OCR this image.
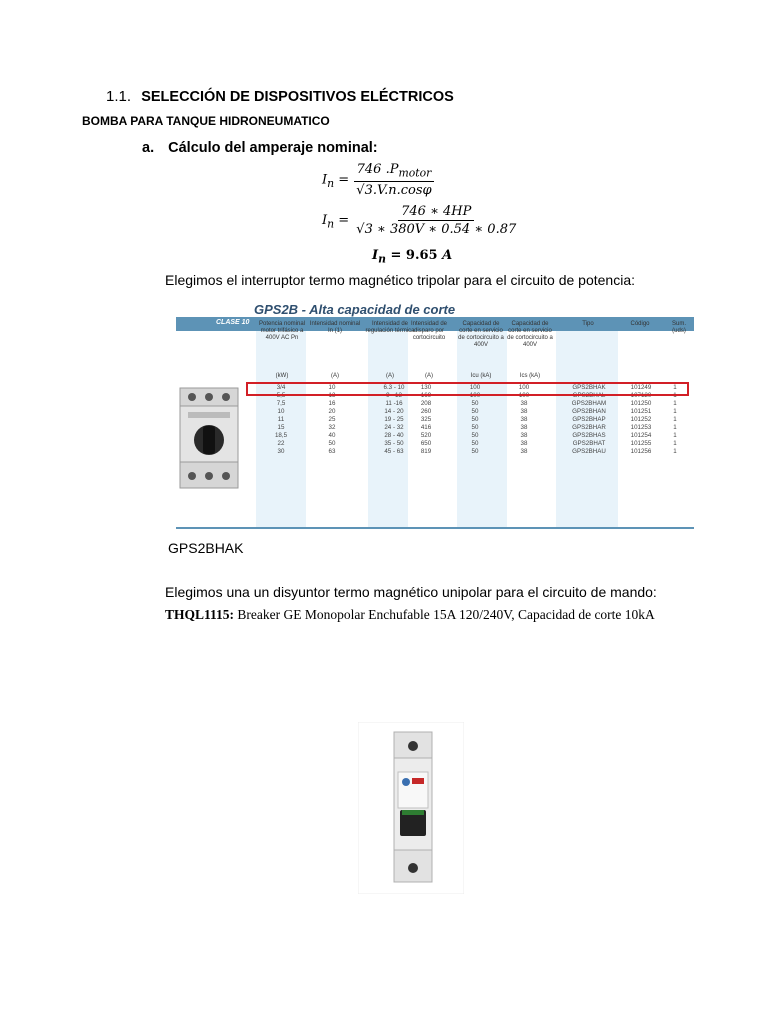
1.1. SELECCIÓN DE DISPOSITIVOS ELÉCTRICOS
BOMBA PARA TANQUE HIDRONEUMATICO
a. Cálculo del amperaje nominal:
$I_n = \frac{746 .P_{motor}}{√3.V.n.\cos\varphi}$
$I_n = \frac{746 ∗ 4HP}{√3 ∗ 380V ∗ 0.54 ∗ 0.87}$
$I_n = 9.65$ A
Elegimos el interruptor termo magnético tripolar para el circuito de potencia:
GPS2B - Alta capacidad de corte
CLASE 10	Potencia nominal motor trifásico a 400V AC Pn
(kW)
Intensidad nominal In (1)
(A)
Intensidad de regulación térmica
(A)
Intensidad de disparo por cortocircuito
(A)
Capacidad de corte en servicio de cortocircuito a 400V
Icu (kA)
Capacidad de corte en servicio de cortocircuito a 400V
Ics (kA)
Tipo	Código	Sum. (uds)
3/4	10	6.3 - 10	130	100	100	GPS2BHAK	101249	1
5,5	13	9 - 13	169	100	100	GPS2BHAL	107120	1
7,5	16	11 -16	208	50	38	GPS2BHAM	101250	1
10	20	14 - 20	260	50	38	GPS2BHAN	101251	1
11	25	19 - 25	325	50	38	GPS2BHAP	101252	1
15	32	24 - 32	416	50	38	GPS2BHAR	101253	1
18,5	40	28 - 40	520	50	38	GPS2BHAS	101254	1
22	50	35 - 50	650	50	38	GPS2BHAT	101255	1
30	63	45 - 63	819	50	38	GPS2BHAU	101256	1
GPS2BHAK
Elegimos una un disyuntor termo magnético unipolar para el circuito de mando:
THQL1115: Breaker GE Monopolar Enchufable 15A 120/240V, Capacidad de corte 10kA
